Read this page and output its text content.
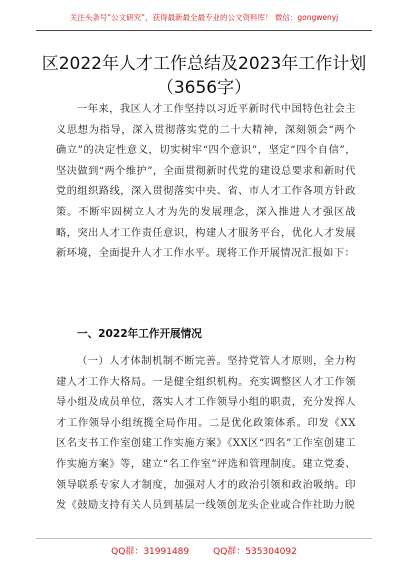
关注头条号“公文研究”，获得最新最全最专业的公文资料库！ 微信：gongwenyj
区2022年人才工作总结及2023年工作计划（3656字）
一年来，我区人才工作坚持以习近平新时代中国特色社会主义思想为指导，深入贯彻落实党的二十大精神，深刻领会“两个确立”的决定性意义，切实树牢“四个意识”，坚定“四个自信”，坚决做到“两个维护”，全面贯彻新时代党的建设总要求和新时代党的组织路线，深入贯彻落实中央、省、市人才工作各项方针政策。不断牢固树立人才为先的发展理念，深入推进人才强区战略，突出人才工作责任意识，构建人才服务平台，优化人才发展新环境，全面提升人才工作水平。现将工作开展情况汇报如下：
一、2022年工作开展情况
（一）人才体制机制不断完善。坚持党管人才原则，全力构建人才工作大格局。一是健全组织机构。充实调整区人才工作领导小组及成员单位，落实人才工作领导小组的职责，充分发挥人才工作领导小组统揽全局作用。二是优化政策体系。印发《XX区名支书工作室创建工作实施方案》《XX区“四名”工作室创建工作实施方案》等，建立“名工作室”评选和管理制度。建立党委、领导联系专家人才制度，加强对人才的政治引领和政治吸纳。印发《鼓励支持有关人员到基层一线领创龙头企业或合作社助力脱
QQ群：31991489	QQ群：535304092
